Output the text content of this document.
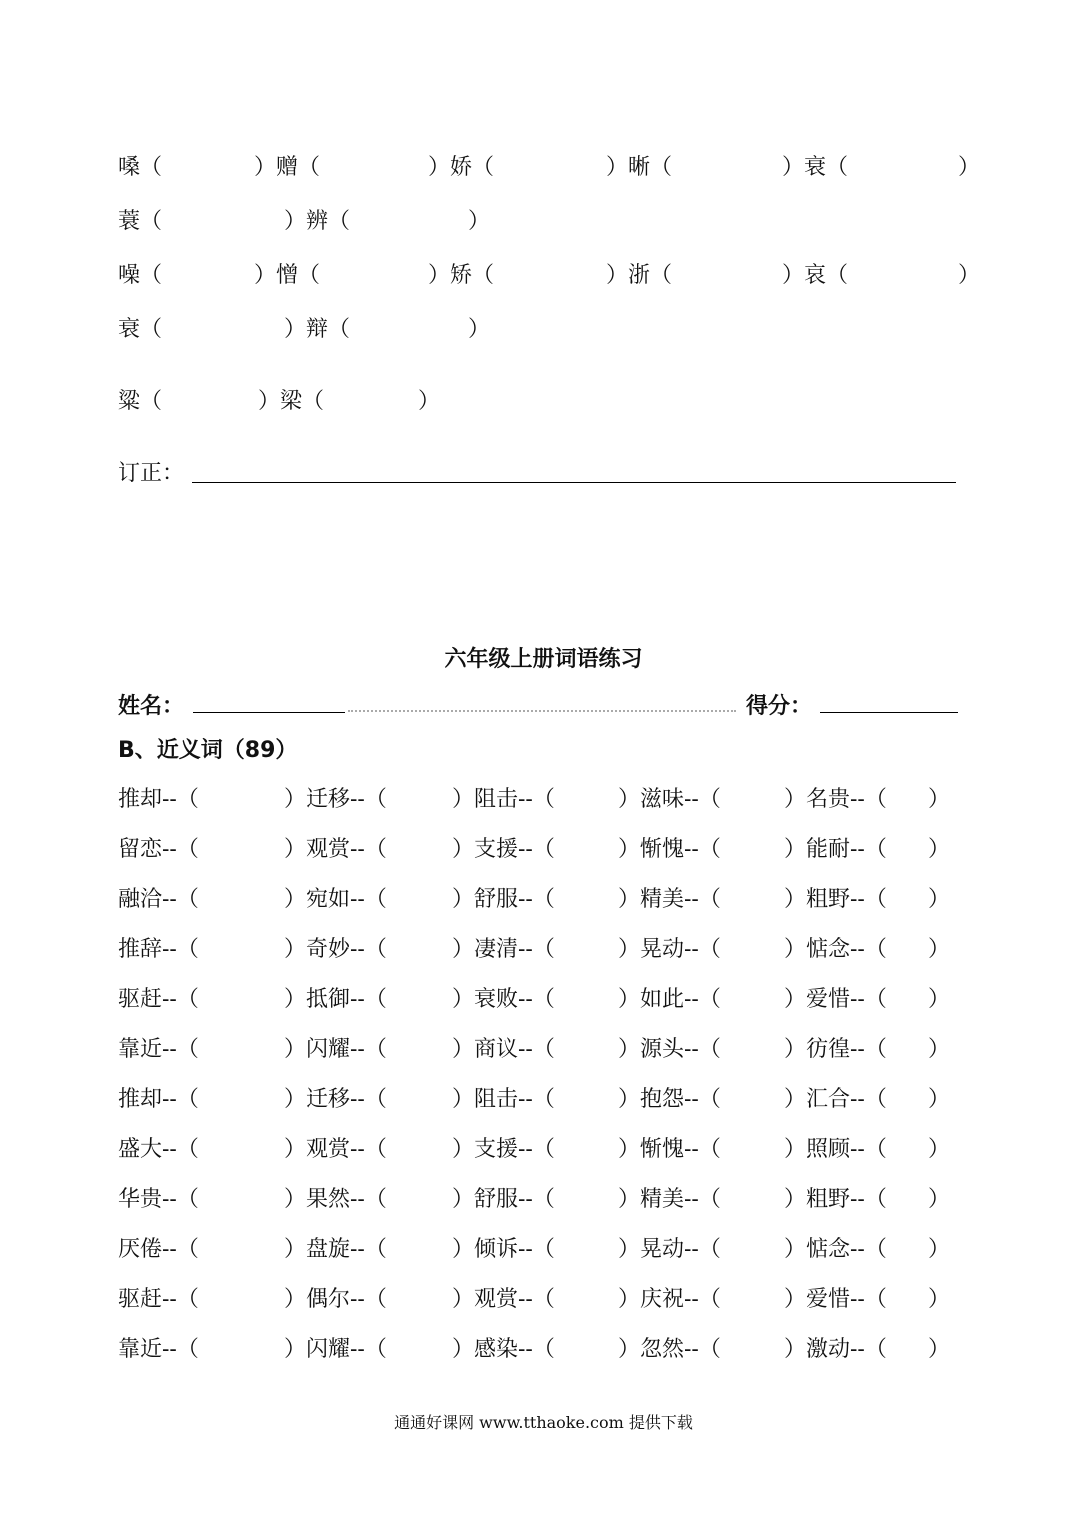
嗓（	）赠（	）娇（	）晰（	）衰（	）
蓑（	）辨（	）
噪（	）憎（	）矫（	）浙（	）哀（	）
衰（	）辩（	）
粱（	）梁（	）
订正：
六年级上册词语练习
姓名：	得分：
B、近义词（89）
推却--（	）迁移--（	）阻击--（	）滋味--（	）名贵--（ ）
留恋--（	）观赏--（	）支援--（	）惭愧--（	）能耐--（ ）
融洽--（	）宛如--（	）舒服--（	）精美--（	）粗野--（ ）
推辞--（	）奇妙--（	）凄清--（	）晃动--（	）惦念--（ ）
驱赶--（	）抵御--（	）衰败--（	）如此--（	）爱惜--（ ）
靠近--（	）闪耀--（	）商议--（	）源头--（	）彷徨--（ ）
推却--（	）迁移--（	）阻击--（	）抱怨--（	）汇合--（ ）
盛大--（	）观赏--（	）支援--（	）惭愧--（	）照顾--（ ）
华贵--（	）果然--（	）舒服--（	）精美--（	）粗野--（ ）
厌倦--（	）盘旋--（	）倾诉--（	）晃动--（	）惦念--（ ）
驱赶--（	）偶尔--（	）观赏--（	）庆祝--（	）爱惜--（ ）
靠近--（	）闪耀--（	）感染--（	）忽然--（	）激动--（ ）
通通好课网 www.tthaoke.com 提供下载
